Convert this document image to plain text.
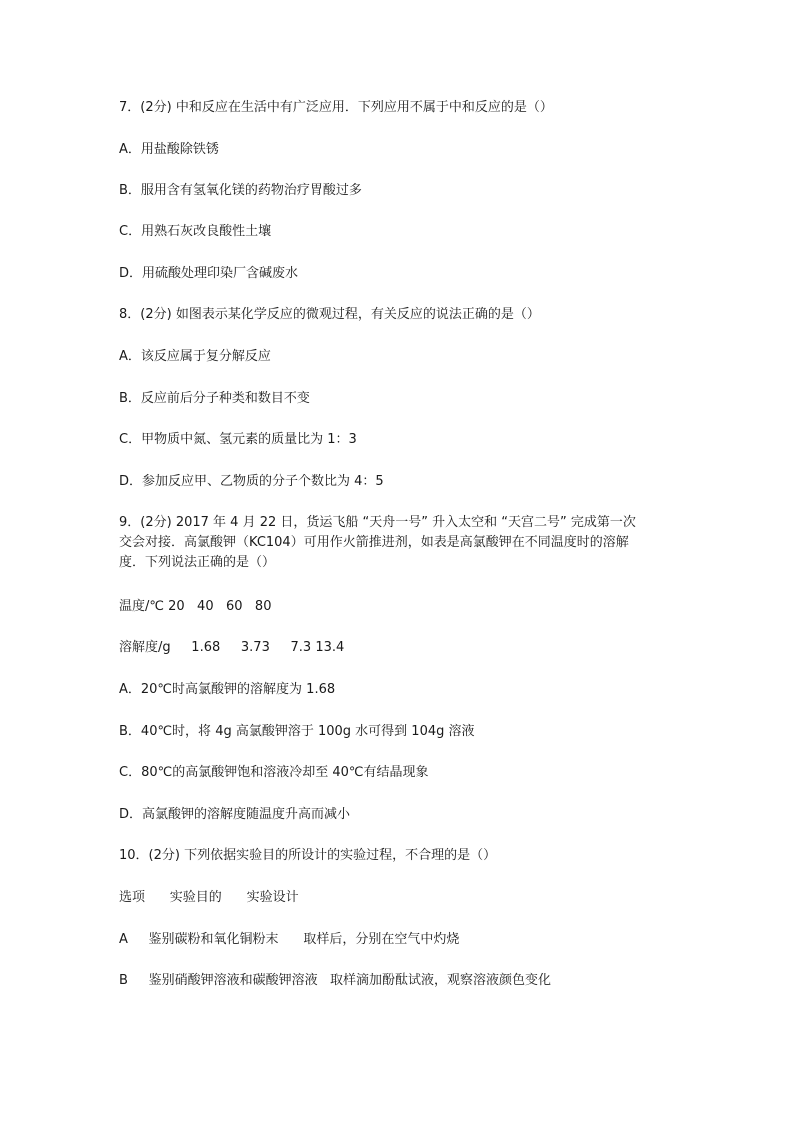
7．(2分) 中和反应在生活中有广泛应用．下列应用不属于中和反应的是（）
A．用盐酸除铁锈
B．服用含有氢氧化镁的药物治疗胃酸过多
C．用熟石灰改良酸性土壤
D．用硫酸处理印染厂含碱废水
8．(2分) 如图表示某化学反应的微观过程，有关反应的说法正确的是（）
A．该反应属于复分解反应
B．反应前后分子种类和数目不变
C．甲物质中氮、氢元素的质量比为 1：3
D．参加反应甲、乙物质的分子个数比为 4：5
9．(2分) 2017 年 4 月 22 日，货运飞船 “天舟一号” 升入太空和 “天宫二号” 完成第一次
交会对接．高氯酸钾（KC104）可用作火箭推进剂，如表是高氯酸钾在不同温度时的溶解
度．下列说法正确的是（）
温度/℃ 20   40   60   80
溶解度/g     1.68     3.73     7.3 13.4
A．20℃时高氯酸钾的溶解度为 1.68
B．40℃时，将 4g 高氯酸钾溶于 100g 水可得到 104g 溶液
C．80℃的高氯酸钾饱和溶液冷却至 40℃有结晶现象
D．高氯酸钾的溶解度随温度升高而减小
10．(2分) 下列依据实验目的所设计的实验过程，不合理的是（）
选项      实验目的      实验设计
A     鉴别碳粉和氧化铜粉末      取样后，分别在空气中灼烧
B     鉴别硝酸钾溶液和碳酸钾溶液   取样滴加酚酞试液，观察溶液颜色变化
